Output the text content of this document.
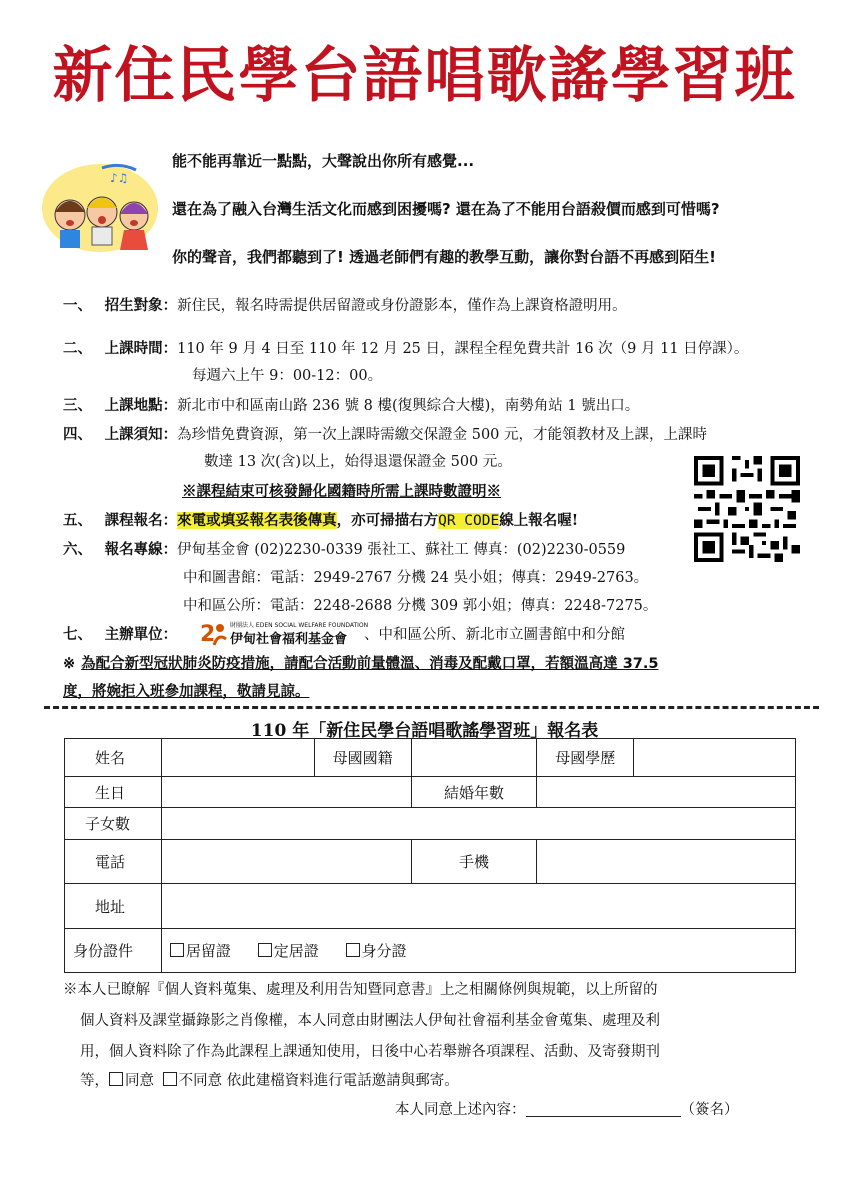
新住民學台語唱歌謠學習班
♪♫
能不能再靠近一點點，大聲說出你所有感覺...
還在為了融入台灣生活文化而感到困擾嗎? 還在為了不能用台語殺價而感到可惜嗎?
你的聲音，我們都聽到了! 透過老師們有趣的教學互動，讓你對台語不再感到陌生!
一、 招生對象：新住民，報名時需提供居留證或身份證影本，僅作為上課資格證明用。
二、 上課時間：110 年 9 月 4 日至 110 年 12 月 25 日，課程全程免費共計 16 次（9 月 11 日停課）。
每週六上午 9：00-12：00。
三、 上課地點：新北市中和區南山路 236 號 8 樓(復興綜合大樓)，南勢角站 1 號出口。
四、 上課須知：為珍惜免費資源，第一次上課時需繳交保證金 500 元，才能領教材及上課，上課時
數達 13 次(含)以上，始得退還保證金 500 元。
※課程結束可核發歸化國籍時所需上課時數證明※
五、 課程報名：來電或填妥報名表後傳真，亦可掃描右方QR CODE線上報名喔!
六、 報名專線：伊甸基金會 (02)2230-0339 張社工、蘇社工 傳真：(02)2230-0559
中和圖書館：電話：2949-2767 分機 24 吳小姐；傳真：2949-2763。
中和區公所：電話：2248-2688 分機 309 郭小姐；傳真：2248-7275。
七、 主辦單位： 2 財團法人 EDEN SOCIAL WELFARE FOUNDATION
伊甸社會福利基金會 、中和區公所、新北市立圖書館中和分館
※ 為配合新型冠狀肺炎防疫措施，請配合活動前量體溫、消毒及配戴口罩，若額溫高達 37.5
度，將婉拒入班參加課程，敬請見諒。
110 年「新住民學台語唱歌謠學習班」報名表
姓名		母國國籍		母國學歷	
生日			結婚年數		
子女數					
電話			手機		
地址					
身份證件	居留證 定居證 身分證				
※本人已瞭解『個人資料蒐集、處理及利用告知暨同意書』上之相關條例與規範，以上所留的
個人資料及課堂攝錄影之肖像權，本人同意由財團法人伊甸社會福利基金會蒐集、處理及利
用，個人資料除了作為此課程上課通知使用，日後中心若舉辦各項課程、活動、及寄發期刊
等， 同意 不同意 依此建檔資料進行電話邀請與郵寄。
本人同意上述內容：	（簽名）
